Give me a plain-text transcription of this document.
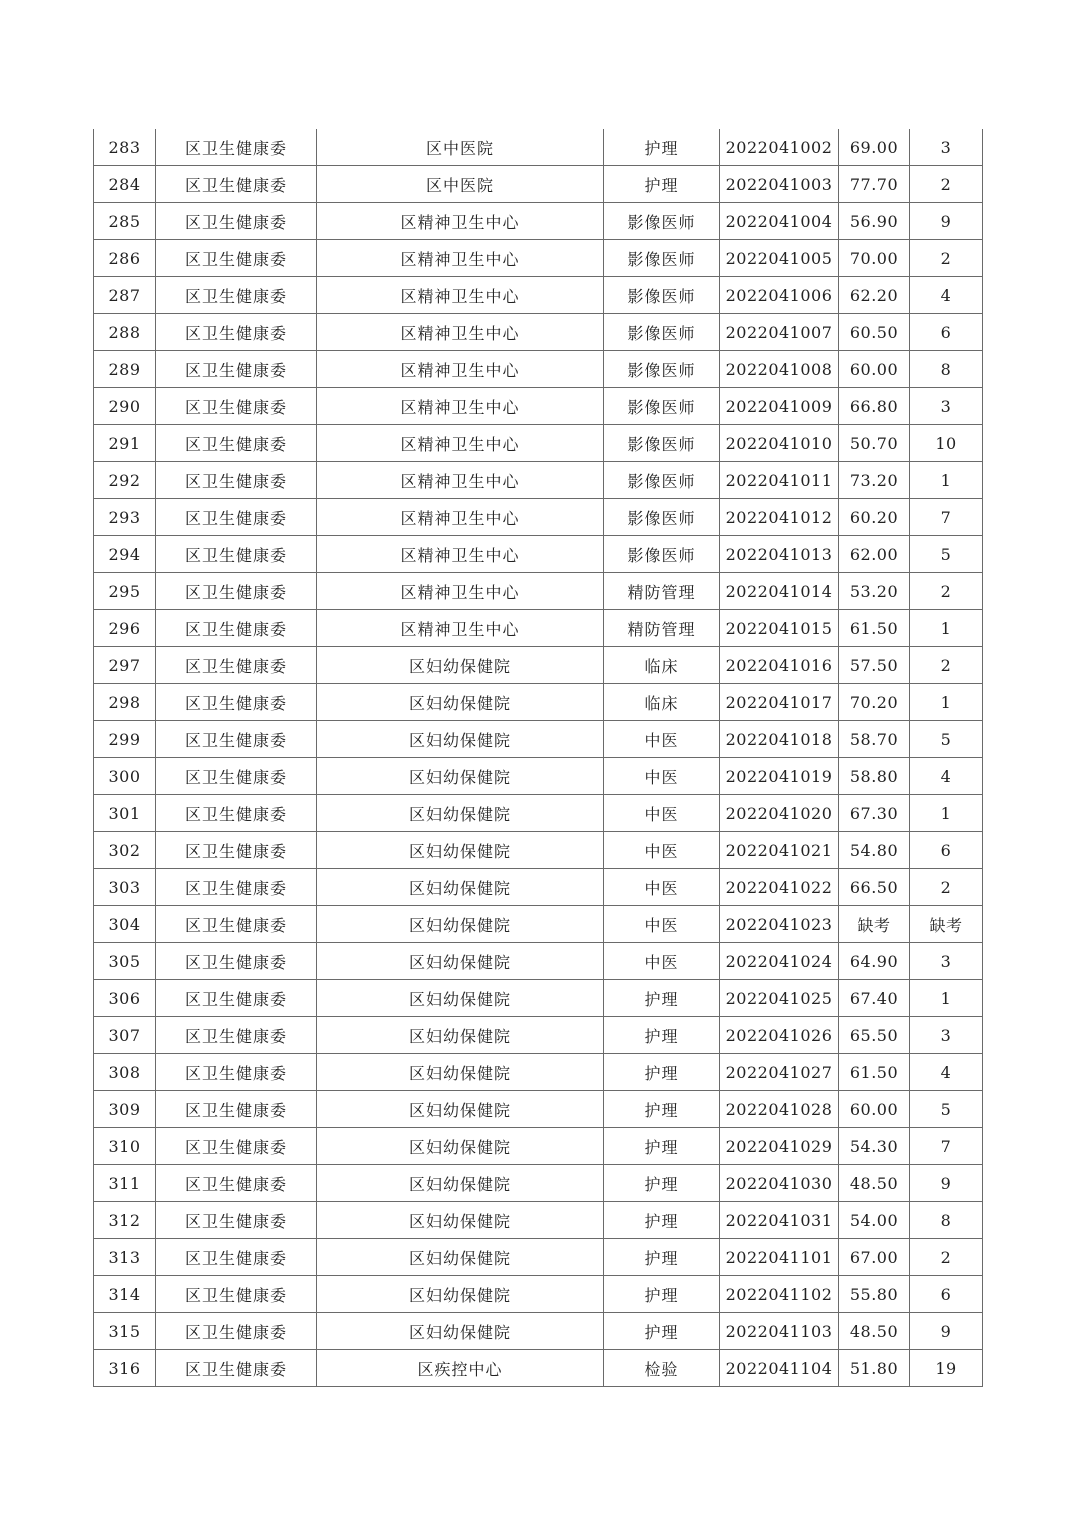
283	区卫生健康委	区中医院	护理	2022041002	69.00	3
284	区卫生健康委	区中医院	护理	2022041003	77.70	2
285	区卫生健康委	区精神卫生中心	影像医师	2022041004	56.90	9
286	区卫生健康委	区精神卫生中心	影像医师	2022041005	70.00	2
287	区卫生健康委	区精神卫生中心	影像医师	2022041006	62.20	4
288	区卫生健康委	区精神卫生中心	影像医师	2022041007	60.50	6
289	区卫生健康委	区精神卫生中心	影像医师	2022041008	60.00	8
290	区卫生健康委	区精神卫生中心	影像医师	2022041009	66.80	3
291	区卫生健康委	区精神卫生中心	影像医师	2022041010	50.70	10
292	区卫生健康委	区精神卫生中心	影像医师	2022041011	73.20	1
293	区卫生健康委	区精神卫生中心	影像医师	2022041012	60.20	7
294	区卫生健康委	区精神卫生中心	影像医师	2022041013	62.00	5
295	区卫生健康委	区精神卫生中心	精防管理	2022041014	53.20	2
296	区卫生健康委	区精神卫生中心	精防管理	2022041015	61.50	1
297	区卫生健康委	区妇幼保健院	临床	2022041016	57.50	2
298	区卫生健康委	区妇幼保健院	临床	2022041017	70.20	1
299	区卫生健康委	区妇幼保健院	中医	2022041018	58.70	5
300	区卫生健康委	区妇幼保健院	中医	2022041019	58.80	4
301	区卫生健康委	区妇幼保健院	中医	2022041020	67.30	1
302	区卫生健康委	区妇幼保健院	中医	2022041021	54.80	6
303	区卫生健康委	区妇幼保健院	中医	2022041022	66.50	2
304	区卫生健康委	区妇幼保健院	中医	2022041023	缺考	缺考
305	区卫生健康委	区妇幼保健院	中医	2022041024	64.90	3
306	区卫生健康委	区妇幼保健院	护理	2022041025	67.40	1
307	区卫生健康委	区妇幼保健院	护理	2022041026	65.50	3
308	区卫生健康委	区妇幼保健院	护理	2022041027	61.50	4
309	区卫生健康委	区妇幼保健院	护理	2022041028	60.00	5
310	区卫生健康委	区妇幼保健院	护理	2022041029	54.30	7
311	区卫生健康委	区妇幼保健院	护理	2022041030	48.50	9
312	区卫生健康委	区妇幼保健院	护理	2022041031	54.00	8
313	区卫生健康委	区妇幼保健院	护理	2022041101	67.00	2
314	区卫生健康委	区妇幼保健院	护理	2022041102	55.80	6
315	区卫生健康委	区妇幼保健院	护理	2022041103	48.50	9
316	区卫生健康委	区疾控中心	检验	2022041104	51.80	19
